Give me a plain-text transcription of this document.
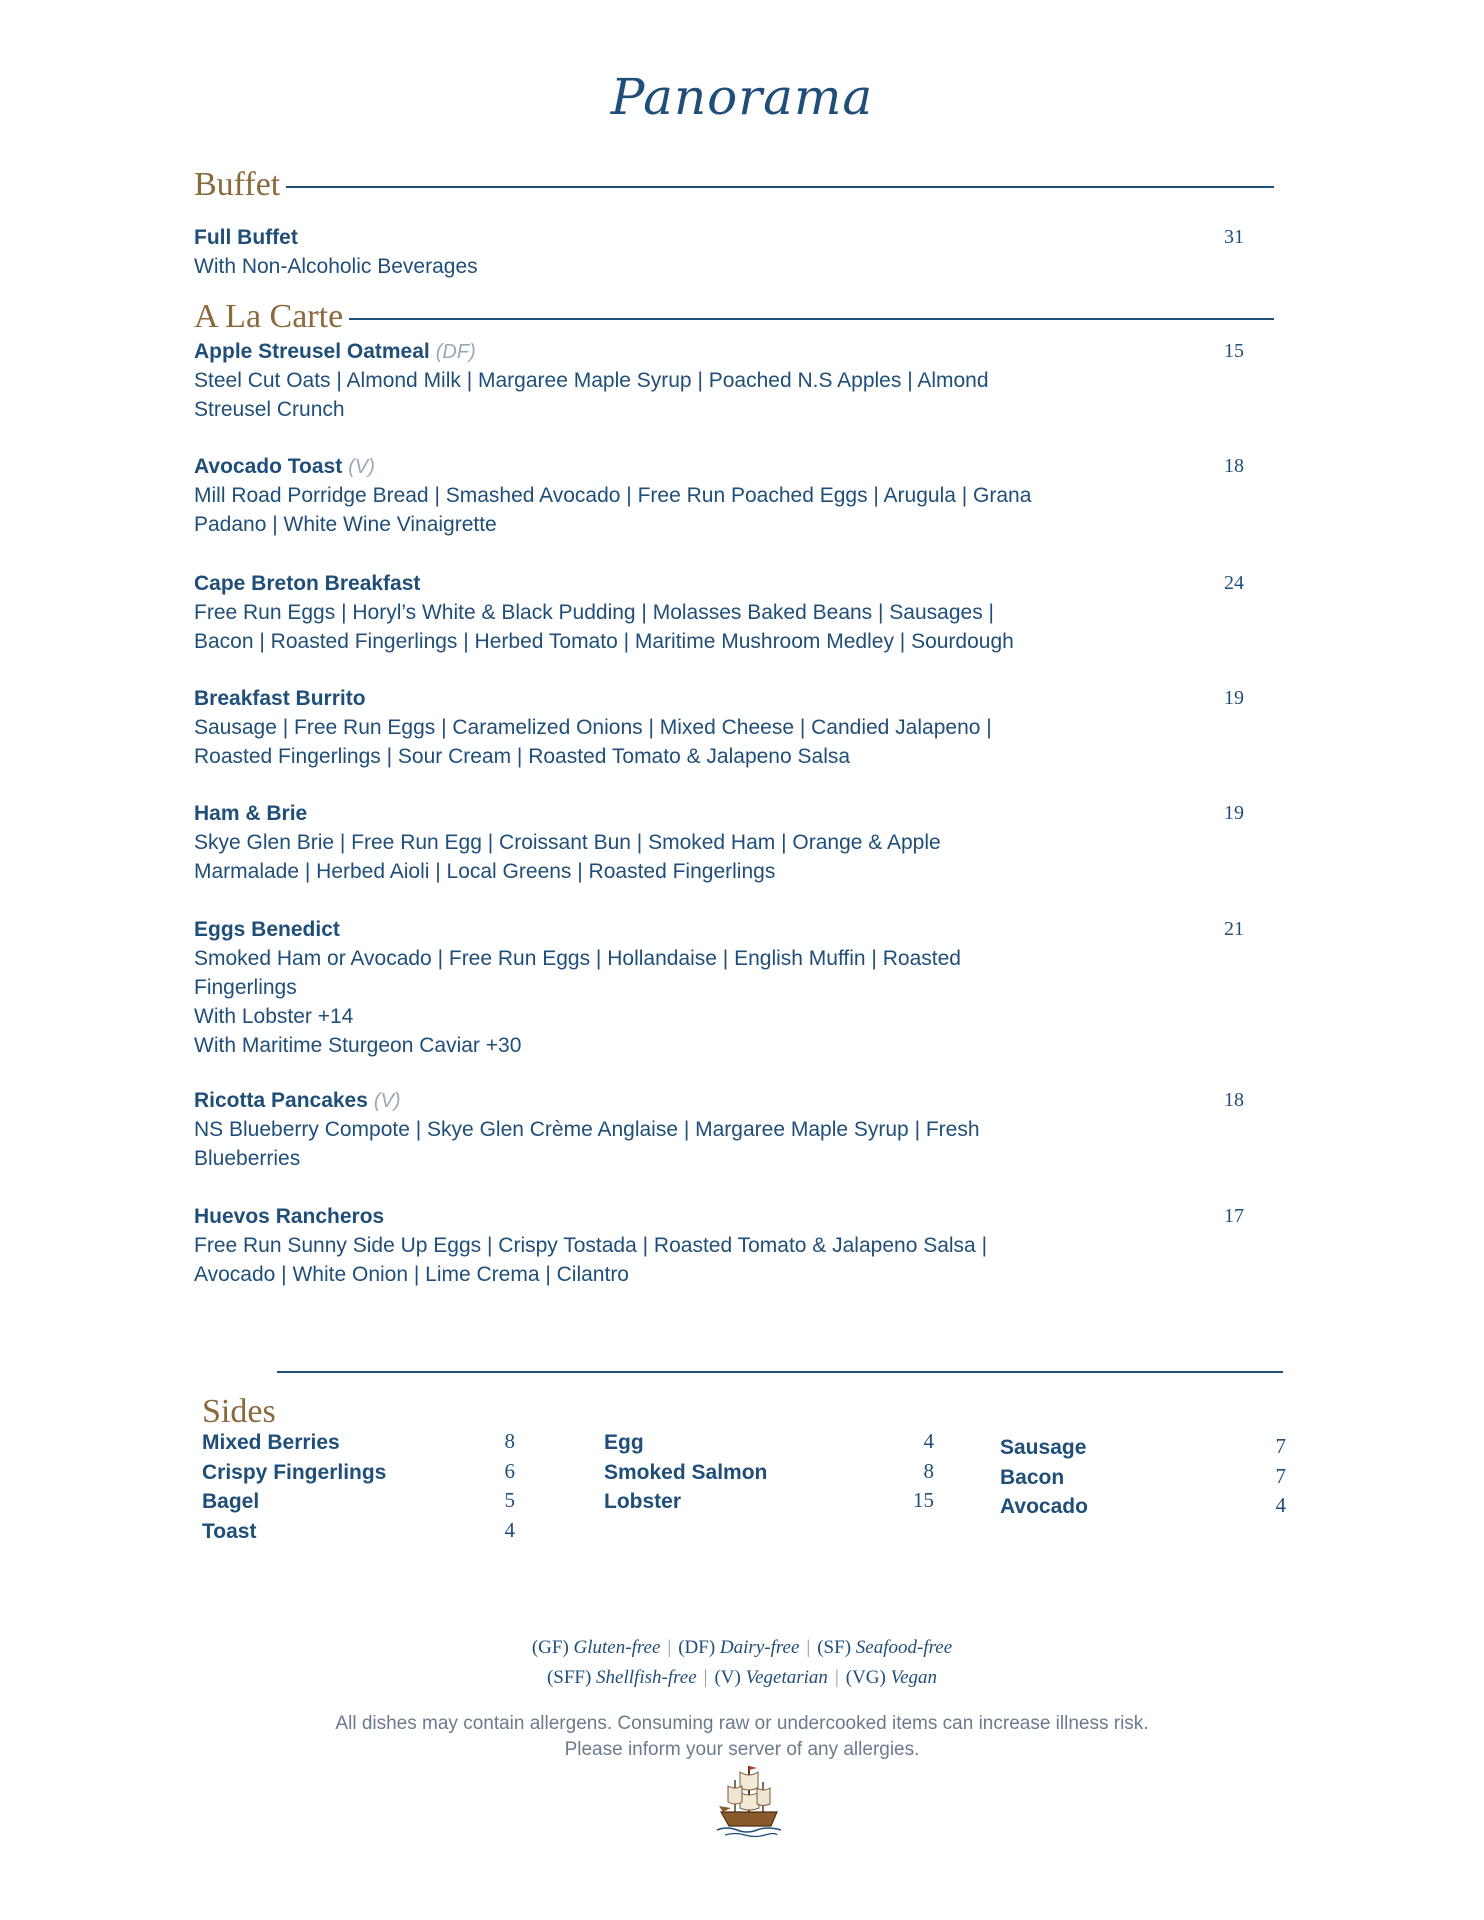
Panorama
Buffet
Full Buffet	31
With Non-Alcoholic Beverages
A La Carte
Apple Streusel Oatmeal (DF)	15
Steel Cut Oats | Almond Milk | Margaree Maple Syrup | Poached N.S Apples | Almond
Streusel Crunch
Avocado Toast (V)	18
Mill Road Porridge Bread | Smashed Avocado | Free Run Poached Eggs | Arugula | Grana
Padano | White Wine Vinaigrette
Cape Breton Breakfast	24
Free Run Eggs | Horyl’s White & Black Pudding | Molasses Baked Beans | Sausages |
Bacon | Roasted Fingerlings | Herbed Tomato | Maritime Mushroom Medley | Sourdough
Breakfast Burrito	19
Sausage | Free Run Eggs | Caramelized Onions | Mixed Cheese | Candied Jalapeno |
Roasted Fingerlings | Sour Cream | Roasted Tomato & Jalapeno Salsa
Ham & Brie	19
Skye Glen Brie | Free Run Egg | Croissant Bun | Smoked Ham | Orange & Apple
Marmalade | Herbed Aioli | Local Greens | Roasted Fingerlings
Eggs Benedict	21
Smoked Ham or Avocado | Free Run Eggs | Hollandaise | English Muffin | Roasted
Fingerlings
With Lobster +14
With Maritime Sturgeon Caviar +30
Ricotta Pancakes (V)	18
NS Blueberry Compote | Skye Glen Crème Anglaise | Margaree Maple Syrup | Fresh
Blueberries
Huevos Rancheros	17
Free Run Sunny Side Up Eggs | Crispy Tostada | Roasted Tomato & Jalapeno Salsa |
Avocado | White Onion | Lime Crema | Cilantro
Sides
Mixed Berries	8
Crispy Fingerlings	6
Bagel	5
Toast	4
Egg	4
Smoked Salmon	8
Lobster	15
Sausage	7
Bacon	7
Avocado	4
(GF) Gluten-free | (DF) Dairy-free | (SF) Seafood-free
(SFF) Shellfish-free | (V) Vegetarian | (VG) Vegan
All dishes may contain allergens. Consuming raw or undercooked items can increase illness risk.
Please inform your server of any allergies.
